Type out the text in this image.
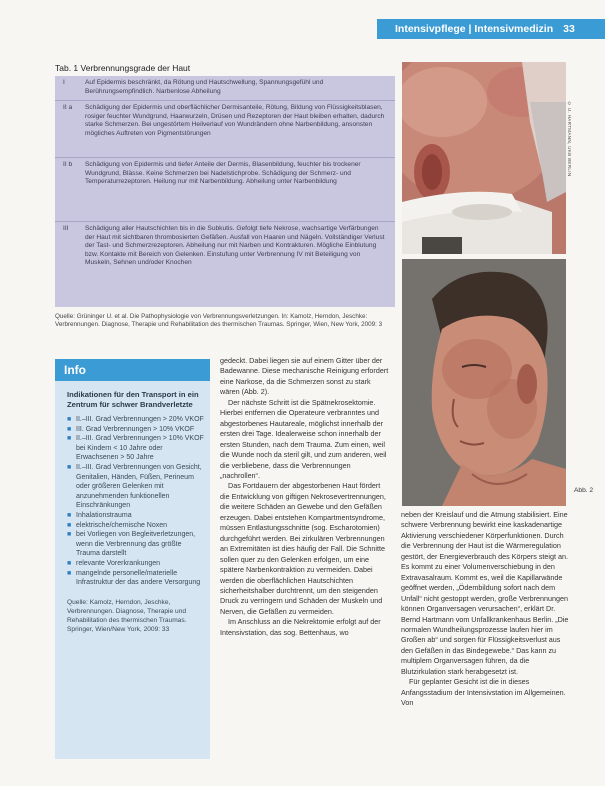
Intensivpflege | Intensivmedizin 33
Tab. 1 Verbrennungsgrade der Haut
I	Auf Epidermis beschränkt, da Rötung und Hautschwellung, Spannungsgefühl und Berührungsempfindlich. Narbenlose Abheilung
II a Schädigung der Epidermis und oberflächlicher Dermisanteile, Rötung, Bildung von Flüssigkeitsblasen, rosiger feuchter Wundgrund, Haarwurzeln, Drüsen und Rezeptoren der Haut bleiben erhalten, dadurch starke Schmerzen. Bei ungestörtem Heilverlauf von Wundrändern ohne Narbenbildung, ansonsten mögliches Auftreten von Pigmentstörungen
II b Schädigung von Epidermis und tiefer Anteile der Dermis, Blasenbildung, feuchter bis trockener Wundgrund, Blässe. Keine Schmerzen bei Nadelstichprobe. Schädigung der Schmerz- und Temperaturrezeptoren. Heilung nur mit Narbenbildung. Abheilung unter Narbenbildung
III	Schädigung aller Hautschichten bis in die Subkutis. Gefolgt tiefe Nekrose, wachsartige Verfärbungen der Haut mit sichtbaren thrombosierten Gefäßen. Ausfall von Haaren und Nägeln. Vollständiger Verlust der Tast- und Schmerzrezeptoren. Abheilung nur mit Narben und Kontrakturen. Mögliche Einblutung bzw. Kontakte mit Bereich von Gelenken. Einstufung unter Verbrennung IV mit Beteiligung von Muskeln, Sehnen und/oder Knochen
Quelle: Grüninger U. et al. Die Pathophysiologie von Verbrennungsverletzungen. In: Kamolz, Herndon, Jeschke: Verbrennungen. Diagnose, Therapie und Rehabilitation des thermischen Traumas. Springer, Wien, New York, 2009: 3
Info
Indikationen für den Transport in ein Zentrum für schwer Brandverletzte
■ II.–III. Grad Verbrennungen > 20% VKOF
■ III. Grad Verbrennungen > 10% VKOF
■ II.–III. Grad Verbrennungen > 10% VKOF bei Kindern < 10 Jahre oder Erwachsenen > 50 Jahre
■ II.–III. Grad Verbrennungen von Gesicht, Genitalien, Händen, Füßen, Perineum oder größeren Gelenken mit anzunehmenden funktionellen Einschränkungen
■ Inhalationstrauma
■ elektrische/chemische Noxen
■ bei Vorliegen von Begleitverletzungen, wenn die Verbrennung das größte Trauma darstellt
■ relevante Vorerkrankungen
■ mangelnde personelle/materielle Infrastruktur der das andere Versorgung
Quelle: Kamolz, Herndon, Jeschke, Verbrennungen. Diagnose, Therapie und Rehabilitation des thermischen Traumas. Springer, Wien/New York, 2009: 33

gedeckt. Dabei liegen sie auf einem Gitter über der Badewanne. Diese mechanische Reinigung erfordert eine Narkose, da die Schmerzen sonst zu stark wären (Abb. 2).

Der nächste Schritt ist die Spätnekrosektomie. Hierbei entfernen die Operateure verbranntes und abgestorbenes Hautareale, möglichst innerhalb der ersten drei Tage. Idealerweise schon innerhalb der ersten Stunden, nach dem Trauma. Zum einen, weil die Wunde noch da steril gilt, und zum anderen, weil die verbliebene, dass die Verbrennungen „nachrollen“.

Das Fortdauern der abgestorbenen Haut fördert die Entwicklung von giftigen Nekrosevertrennungen, die weitere Schäden an Gewebe und den Gefäßen erzeugen. Dabei entstehen Kompartmentsyndrome, müssen Entlastungsschnitte (sog. Escharotomien) durchgeführt werden. Bei zirkulären Verbrennungen an Extremitäten ist dies häufig der Fall. Die Schnitte sollen quer zu den Gelenken erfolgen, um eine spätere Narbenkontraktion zu vermeiden. Dabei werden die oberflächlichen Hautschichten sicherheitshalber durchtrennt, um den steigenden Druck zu verringern und Schäden der Muskeln und Nerven, die Gefäßen zu vermeiden.

Im Anschluss an die Nekrektomie erfolgt auf der Intensivstation, das sog. Bettenhaus, wo

© U. HARTMANN, UKB BERLIN
Abb. 2

neben der Kreislauf und die Atmung stabilisiert. Eine schwere Verbrennung bewirkt eine kaskadenartige Aktivierung verschiedener Körperfunktionen. Durch die Verbrennung der Haut ist die Wärmeregulation gestört, der Energieverbrauch des Körpers steigt an. Es kommt zu einer Volumenverschiebung in den Extravasalraum. Kommt es, weil die Kapillarwände geöffnet werden, „Ödembildung sofort nach dem Unfall“ nicht gestoppt werden, große Verbrennungen können Organversagen verursachen“, erklärt Dr. Bernd Hartmann vom Unfallkrankenhaus Berlin. „Die normalen Wundheilungsprozesse laufen hier im Großen ab“ und sorgen für Flüssigkeitsverlust aus den Gefäßen in das Bindegewebe.“ Das kann zu multiplem Organversagen führen, da die Blutzirkulation stark herabgesetzt ist.

Für geplanter Gesicht ist die in dieses Anfangsstadium der Intensivstation im Allgemeinen. Von
